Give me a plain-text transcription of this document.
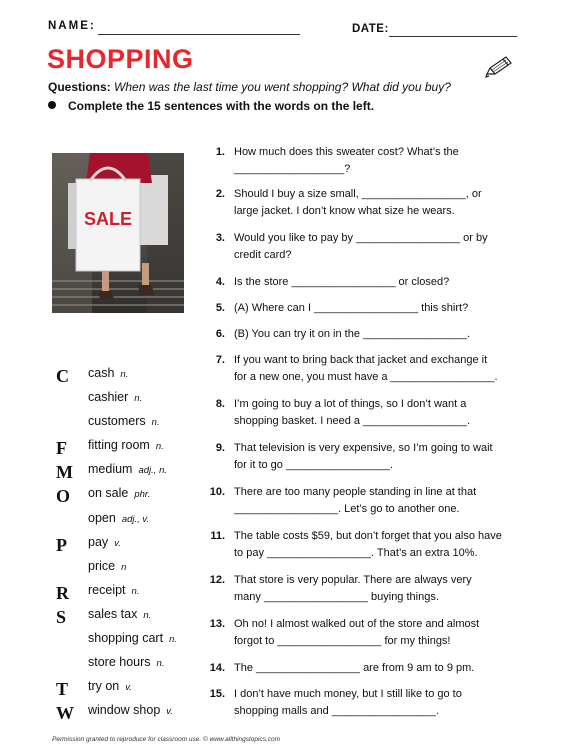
NAME:	DATE:
SHOPPING
Questions: When was the last time you went shopping? What did you buy?
Complete the 15 sentences with the words on the left.
SALE
C cash n.
cashier n.
customers n.
F fitting room n.
M medium adj., n.
O on sale phr.
open adj., v.
P pay v.
price n
R receipt n.
S sales tax n.
shopping cart n.
store hours n.
T try on v.
W window shop v.
1. How much does this sweater cost? What’s the
__________________?
2. Should I buy a size small, _________________, or
large jacket. I don’t know what size he wears.
3. Would you like to pay by _________________ or by
credit card?
4. Is the store _________________ or closed?
5. (A) Where can I _________________ this shirt?
6. (B) You can try it on in the _________________.
7. If you want to bring back that jacket and exchange it
for a new one, you must have a _________________.
8. I’m going to buy a lot of things, so I don’t want a
shopping basket. I need a _________________.
9. That television is very expensive, so I’m going to wait
for it to go _________________.
10. There are too many people standing in line at that
_________________. Let’s go to another one.
11. The table costs $59, but don’t forget that you also have
to pay _________________. That’s an extra 10%.
12. That store is very popular. There are always very
many _________________ buying things.
13. Oh no! I almost walked out of the store and almost
forgot to _________________ for my things!
14. The _________________ are from 9 am to 9 pm.
15. I don’t have much money, but I still like to go to
shopping malls and _________________.
Permission granted to reproduce for classroom use. © www.allthingstopics.com
